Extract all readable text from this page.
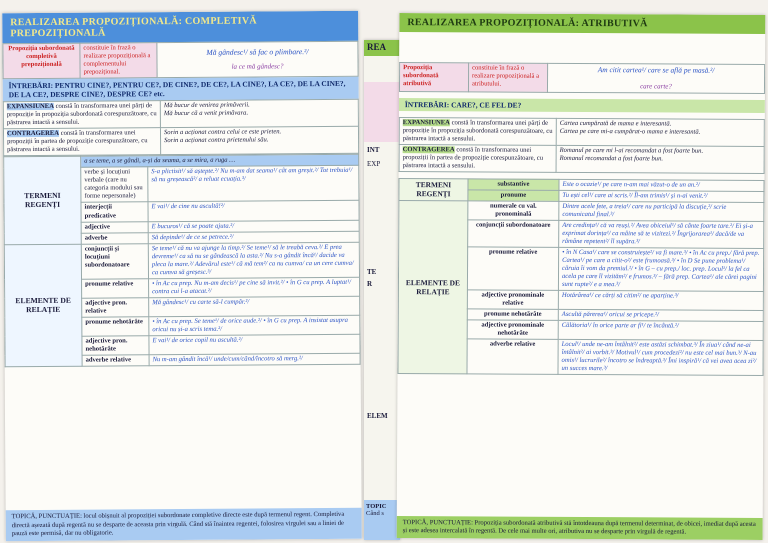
REALIZAREA PROPOZIȚIONALĂ: COMPLETIVĂ PREPOZIȚIONALĂ
Propoziția subordonată completivă prepozițională	constituie în frază o realizare propozițională a complementului prepozițional.	
Mă gândesc¹/ să fac o plimbare.²/
la ce mă gândesc?
ÎNTREBĂRI: PENTRU CINE?, PENTRU CE?, DE CINE?, DE CE?, LA CINE?, LA CE?, DE LA CINE?, DE LA CE?, DESPRE CINE?, DESPRE CE? etc.
EXPANSIUNEA constă în transformarea unei părți de propoziție în propoziția subordonată corespunzătoare, cu păstrarea intactă a sensului.	Mă bucur de venirea primăverii.
Mă bucur că a venit primăvara.

CONTRAGEREA constă în transformarea unei propoziții în partea de propoziție corespunzătoare, cu păstrarea intactă a sensului.	Sorin a acționat contra celui ce este prieten.
Sorin a acționat contra prietenului său.
TERMENI REGENȚI	a se teme, a se gândi, a-și da seama, a se mira, a ruga …	
	verbe și locuțiuni verbale (care nu categoria modului sau forme nepersonale)	S-a plictisit¹/ să aștepte.²/ Nu m-am dat seama¹/ cât am greșit.²/ Tot trebuia¹/ să nu greșească²/ a reluat ecuația.³/
	interjecții predicative	E vai¹/ de cine nu ascultă!²/
	adjective	E bucuros¹/ că se poate ajuta.²/
	adverbe	Să depinde¹/ de ce se petrece.²/
ELEMENTE DE RELAȚIE	conjuncții și locuțiuni subordonatoare	Se teme¹/ că nu va ajunge la timp.²/ Se teme¹/ să le treabă ceva.²/ E prea devreme¹/ ca să nu se gândească la asta.²/ Nu s-a gândit încă¹/ dacide va pleca la mare.²/ Adevărul este¹/ că mă tem²/ ca nu cumva/ ca un cere cumva/ ca cumva să greșesc.³/
	pronume relative	• în Ac cu prep. Nu m-am decis¹/ pe cine să invit.²/ • în G cu prep. A luptat¹/ contra cui l-a atacat.²/
	adjective pron. relative	Mă gândesc¹/ cu carte să-l cumpăr.²/
	pronume nehotărâte	• în Ac cu prep. Se teme¹/ de orice aude.²/ • în G cu prep. A insistat asupra oricui nu și-a scris tema.²/
	adjective pron. nehotărâte	E vai¹/ de orice copil nu ascultă.²/
	adverbe relative	Nu m-am gândit încă¹/ unde/cum/când/încotro să merg.²/
TOPICĂ, PUNCTUAȚIE: locul obișnuit al propoziției subordonate completive directe este după termenul regent. Completiva directă așezată după regentă nu se desparte de aceasta prin virgulă. Când stă înaintea regentei, folosirea virgulei sau a liniei de pauză este permisă, dar nu obligatorie.
REA
INT
EXP
TE
R
ELEM
TOPIC
Când s
REALIZAREA PROPOZIȚIONALĂ: ATRIBUTIVĂ
Propoziția subordonată atributivă	constituie în frază o realizare propozițională a atributului.	
Am citit cartea¹/ care se află pe masă.²/
care carte?
ÎNTREBĂRI: CARE?, CE FEL DE?
EXPANSIUNEA constă în transformarea unei părți de propoziție în propoziția subordonată corespunzătoare, cu păstrarea intactă a sensului.	Cartea cumpărată de mama e interesantă.
Cartea pe care mi-a cumpărat-o mama e interesantă.

CONTRAGEREA constă în transformarea unei propoziții în partea de propoziție corespunzătoare, cu păstrarea intactă a sensului.	Romanul pe care mi l-ai recomandat a fost foarte bun.
Romanul recomandat a fost foarte bun.
TERMENI REGENȚI	substantive	Este o ocazie¹/ pe care n-am mai văzut-o de un an.²/
	pronume	Tu ești cel¹/ care ai scris.²/ Îl-am trimis¹/ și n-ai venit.²/
ELEMENTE DE RELAȚIE	numerale cu val. pronominală	Dintre acele fete, a treia¹/ care nu participă la discuție,²/ scrie comunicatul final.³/
	conjuncții subordonatoare	Are credința¹/ că va reuși.²/ Avea obiceiul¹/ să cânte foarte tare.²/ Ei și-a exprimat dorința¹/ ca mâine să te vizitezi.²/ Îngrijorarea¹/ dacă/de va rămâne repetent²/ îl supăra.³/
	pronume relative	• în N Casa¹/ care se construiește²/ va fi mare.³/ • în Ac cu prep./ fără prep. Cartea¹/ pe care a citit-o²/ este frumoasă.³/ • în D Se pune problema¹/ căruia îi vom da premiul.²/ • în G – cu prep./ loc. prep. Locul¹/ la fel ca acela pe care îl vizităm²/ e frumos.³/ – fără prep. Cartea¹/ ale cărei pagini sunt rupte²/ e a mea.³/
	adjective pronominale relative	Hotărârea¹/ ce cărți să citim²/ ne aparține.³/
	pronume nehotărâte	Ascultă părerea¹/ oricui se pricepe.²/
	adjective pronominale nehotărâte	Călătoria¹/ în orice parte ar fi¹/ te încântă.²/
	adverbe relative	Locul¹/ unde ne-am întâlnit²/ este astăzi schimbat.³/ În ziua¹/ când ne-ai întâlnit²/ ai vorbit.³/ Motivul¹/ cum procedezi²/ nu este cel mai bun.³/ N-au omis¹/ lucrurile²/ încotro se îndreaptă.³/ Îmi inspiră¹/ că vei avea acea zi²/ un succes mare.³/
TOPICĂ, PUNCTUAȚIE: Propoziția subordonată atributivă stă întotdeauna după termenul determinat, de obicei, imediat după acesta și este adesea intercalată în regentă. De cele mai multe ori, atributiva nu se desparte prin virgulă de regentă.
